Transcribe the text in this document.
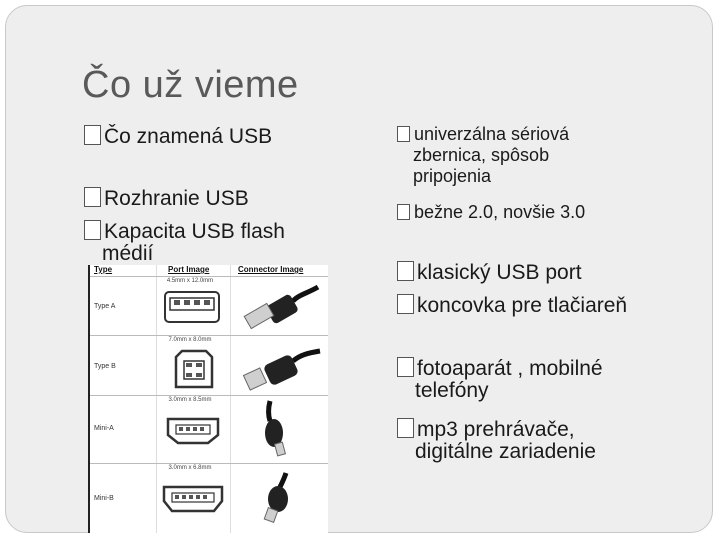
Čo už vieme
Čo znamená USB
Rozhranie USB
Kapacita USB flash
médií
univerzálna sériová
zbernica, spôsob
pripojenia
bežne 2.0, novšie 3.0
klasický USB port
koncovka pre tlačiareň
fotoaparát , mobilné
telefóny
mp3 prehrávače,
digitálne zariadenie
Type	Port Image	Connector Image
4.5mm x 12.0mm
Type A
7.0mm x 8.0mm
Type B
3.0mm x 8.5mm
Mini-A
3.0mm x 6.8mm
Mini-B
